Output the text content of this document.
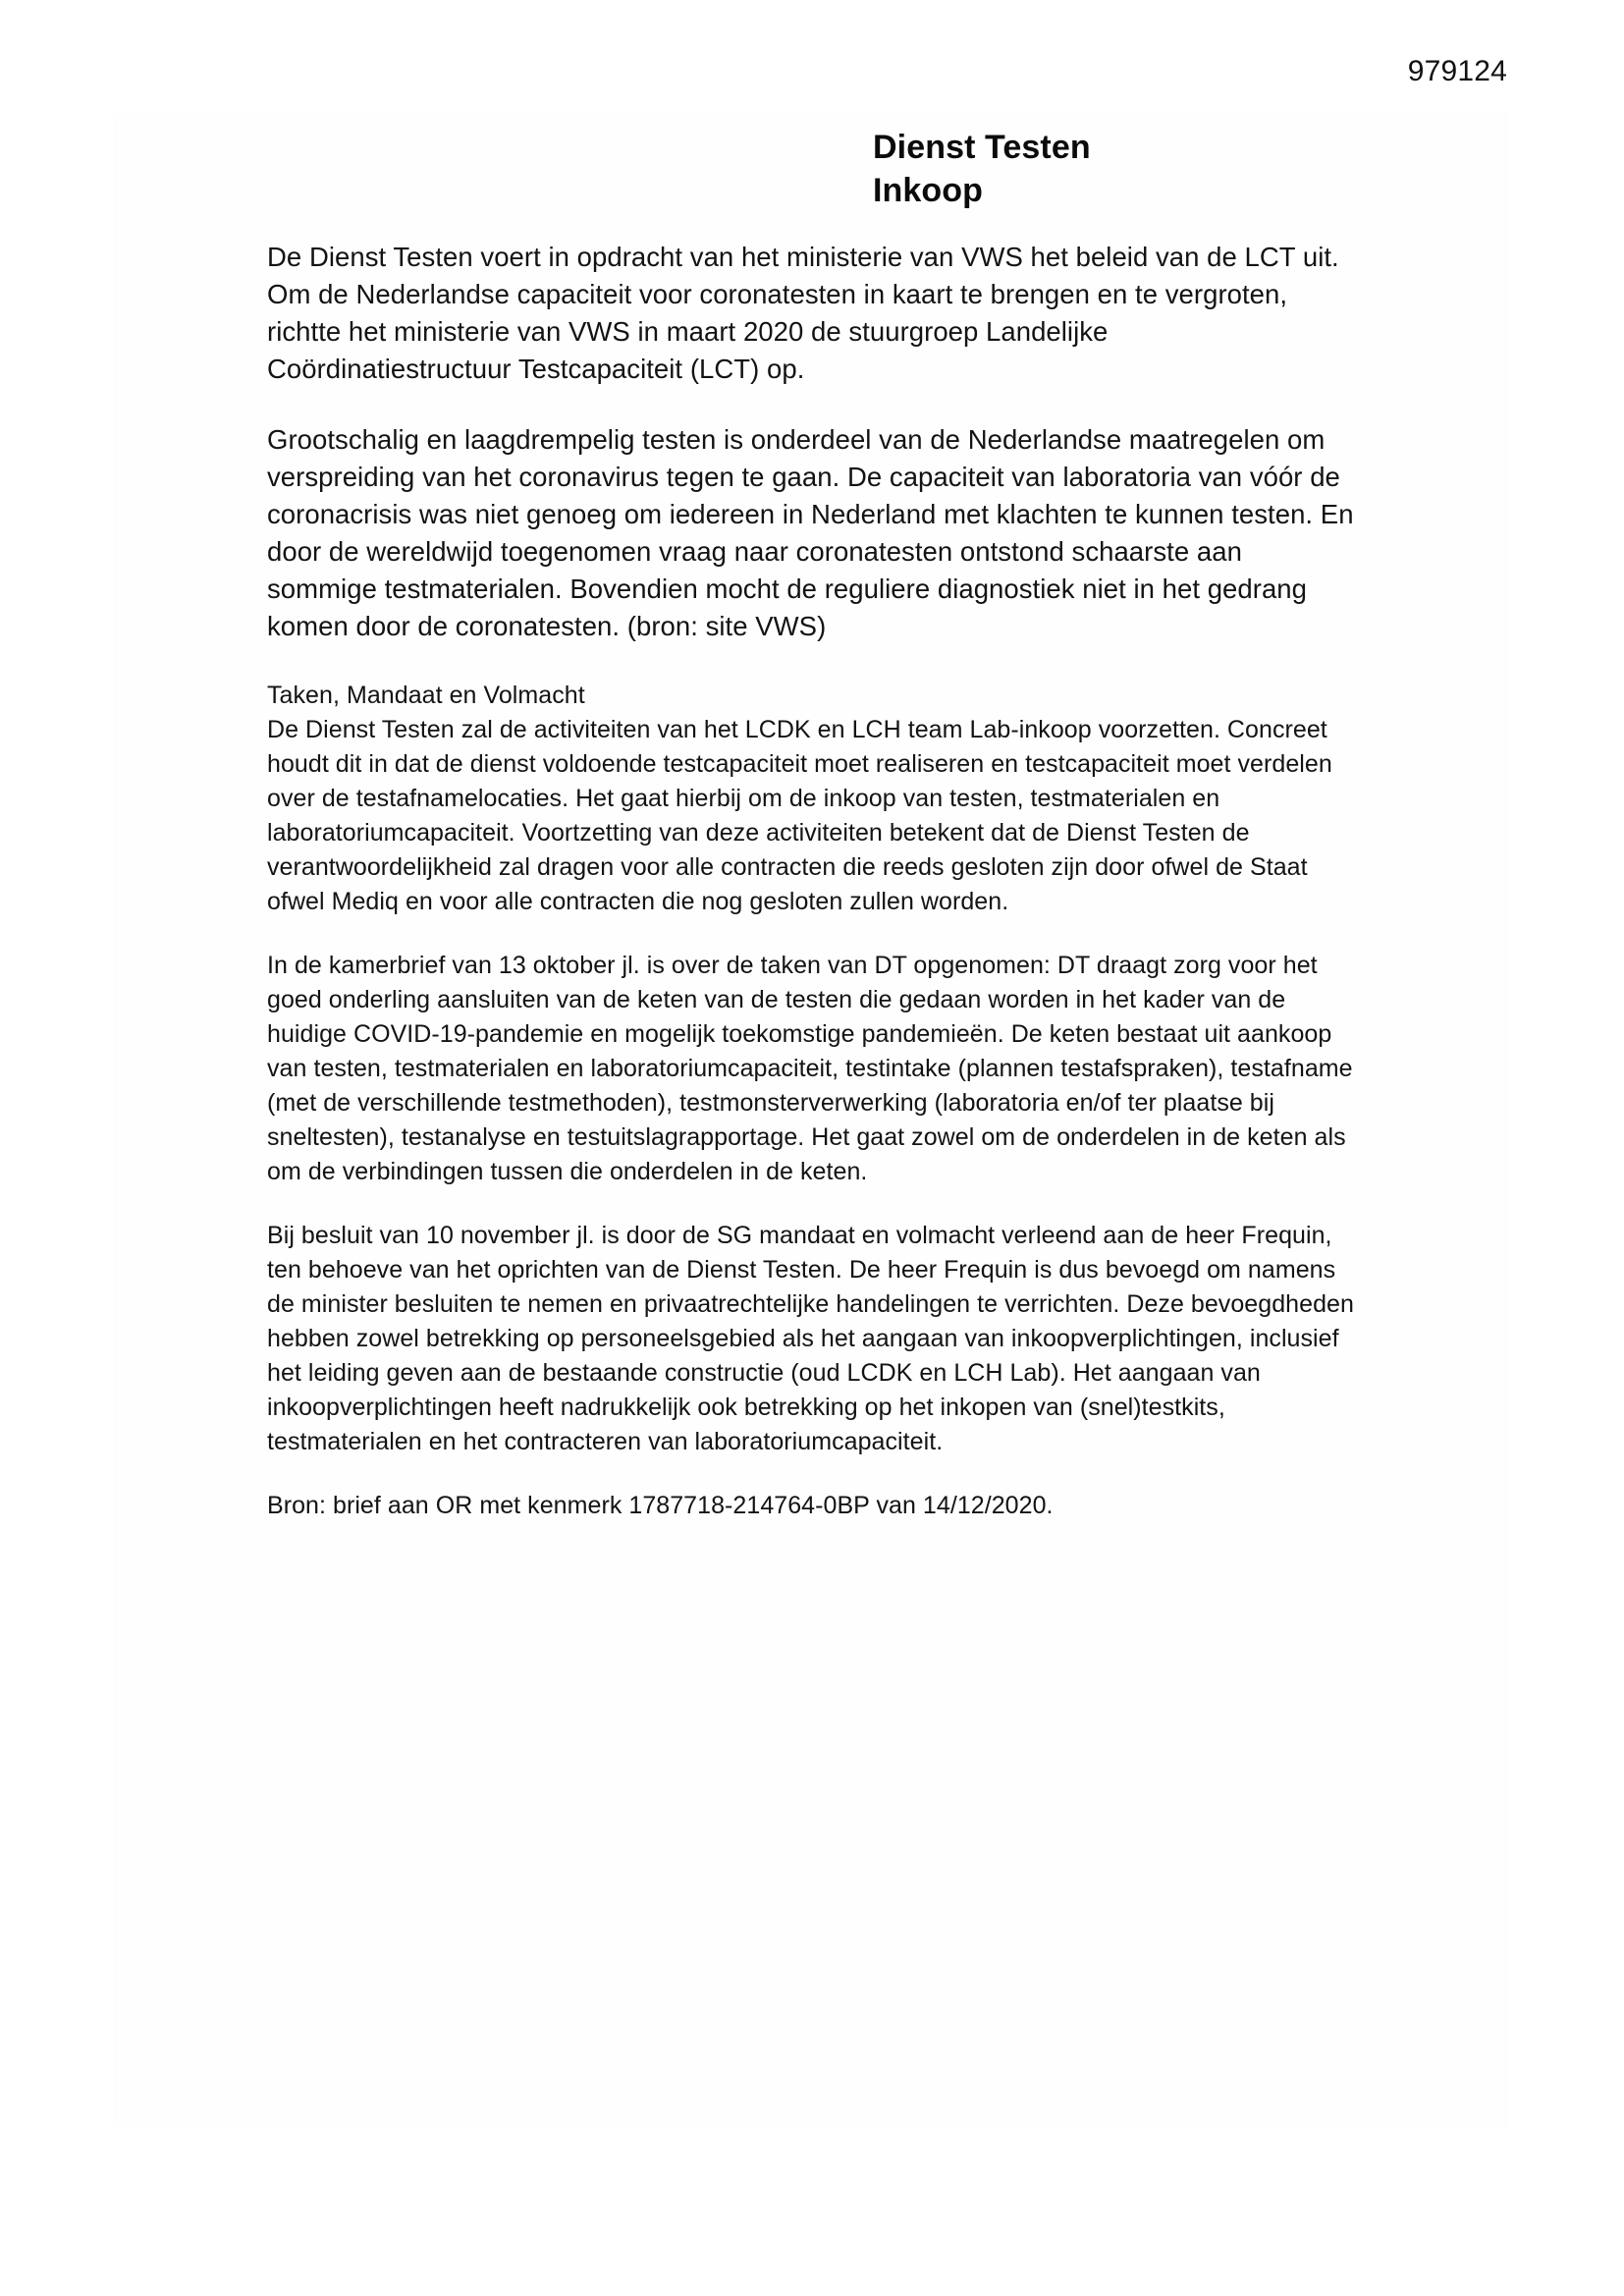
979124
Dienst Testen
Inkoop
De Dienst Testen voert in opdracht van het ministerie van VWS het beleid van de LCT uit.
Om de Nederlandse capaciteit voor coronatesten in kaart te brengen en te vergroten, richtte het ministerie van VWS in maart 2020 de stuurgroep Landelijke Coördinatiestructuur Testcapaciteit (LCT) op.
Grootschalig en laagdrempelig testen is onderdeel van de Nederlandse maatregelen om verspreiding van het coronavirus tegen te gaan. De capaciteit van laboratoria van vóór de coronacrisis was niet genoeg om iedereen in Nederland met klachten te kunnen testen. En door de wereldwijd toegenomen vraag naar coronatesten ontstond schaarste aan sommige testmaterialen. Bovendien mocht de reguliere diagnostiek niet in het gedrang komen door de coronatesten. (bron: site VWS)
Taken, Mandaat en Volmacht
De Dienst Testen zal de activiteiten van het LCDK en LCH team Lab-inkoop voorzetten. Concreet houdt dit in dat de dienst voldoende testcapaciteit moet realiseren en testcapaciteit moet verdelen over de testafnamelocaties. Het gaat hierbij om de inkoop van testen, testmaterialen en laboratoriumcapaciteit. Voortzetting van deze activiteiten betekent dat de Dienst Testen de verantwoordelijkheid zal dragen voor alle contracten die reeds gesloten zijn door ofwel de Staat ofwel Mediq en voor alle contracten die nog gesloten zullen worden.
In de kamerbrief van 13 oktober jl. is over de taken van DT opgenomen: DT draagt zorg voor het goed onderling aansluiten van de keten van de testen die gedaan worden in het kader van de huidige COVID-19-pandemie en mogelijk toekomstige pandemieën. De keten bestaat uit aankoop van testen, testmaterialen en laboratoriumcapaciteit, testintake (plannen testafspraken), testafname (met de verschillende testmethoden), testmonsterverwerking (laboratoria en/of ter plaatse bij sneltesten), testanalyse en testuitslagrapportage. Het gaat zowel om de onderdelen in de keten als om de verbindingen tussen die onderdelen in de keten.
Bij besluit van 10 november jl. is door de SG mandaat en volmacht verleend aan de heer Frequin, ten behoeve van het oprichten van de Dienst Testen. De heer Frequin is dus bevoegd om namens de minister besluiten te nemen en privaatrechtelijke handelingen te verrichten. Deze bevoegdheden hebben zowel betrekking op personeelsgebied als het aangaan van inkoopverplichtingen, inclusief het leiding geven aan de bestaande constructie (oud LCDK en LCH Lab). Het aangaan van inkoopverplichtingen heeft nadrukkelijk ook betrekking op het inkopen van (snel)testkits, testmaterialen en het contracteren van laboratoriumcapaciteit.
Bron: brief aan OR met kenmerk 1787718-214764-0BP van 14/12/2020.
